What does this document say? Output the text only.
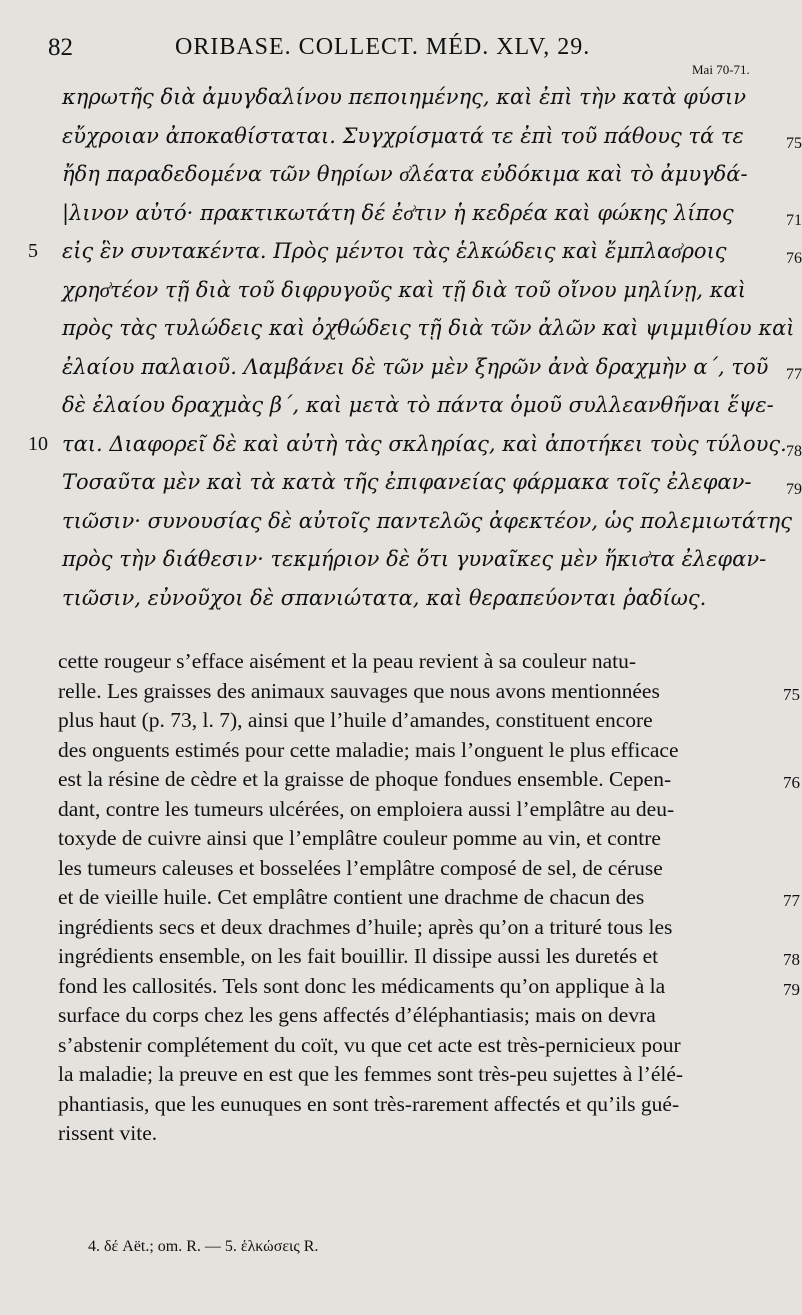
82	ORIBASE. COLLECT. MÉD. XLV, 29.
Mai 70-71.
κηρωτῆς διὰ ἀμυγδαλίνου πεποιημένης, καὶ ἐπὶ τὴν κατὰ φύσιν
εὔχροιαν ἀποκαθίσταται. Συγχρίσματά τε ἐπὶ τοῦ πάθους τά τε	75
ἤδη παραδεδομένα τῶν θηρίων σ͗λέατα εὐδόκιμα καὶ τὸ ἀμυγδά-
|λινον αὐτό· πρακτικωτάτη δέ ἐσ͗τιν ἡ κεδρέα καὶ φώκης λίπος	71
5 εἰς ἓν συντακέντα. Πρὸς μέντοι τὰς ἑλκώδεις καὶ ἔμπλασ͗ρoις	76
χρησ͗τέον τῇ διὰ τοῦ διφρυγοῦς καὶ τῇ διὰ τοῦ οἴνου μηλίνῃ, καὶ
πρὸς τὰς τυλώδεις καὶ ὀχθώδεις τῇ διὰ τῶν ἀλῶν καὶ ψιμμιθίου καὶ
ἐλαίου παλαιοῦ. Λαμβάνει δὲ τῶν μὲν ξηρῶν ἀνὰ δραχμὴν α΄, τοῦ 77
δὲ ἐλαίου δραχμὰς β΄, καὶ μετὰ τὸ πάντα ὁμοῦ συλλεανθῆναι ἕψε-
10 ται. Διαφορεῖ δὲ καὶ αὐτὴ τὰς σκληρίας, καὶ ἀποτήκει τοὺς τύλους. 78
Τοσαῦτα μὲν καὶ τὰ κατὰ τῆς ἐπιφανείας φάρμακα τοῖς ἐλεφαν- 79
τιῶσιν· συνουσίας δὲ αὐτοῖς παντελῶς ἀφεκτέον, ὡς πολεμιωτάτης
πρὸς τὴν διάθεσιν· τεκμήριον δὲ ὅτι γυναῖκες μὲν ἥκισ͗τα ἐλεφαν-
τιῶσιν, εὐνοῦχοι δὲ σπανιώτατα, καὶ θεραπεύονται ῥαδίως.
cette rougeur s’efface aisément et la peau revient à sa couleur natu-
relle. Les graisses des animaux sauvages que nous avons mentionnées	75
plus haut (p. 73, l. 7), ainsi que l’huile d’amandes, constituent encore
des onguents estimés pour cette maladie; mais l’onguent le plus efficace
est la résine de cèdre et la graisse de phoque fondues ensemble. Cepen-	76
dant, contre les tumeurs ulcérées, on emploiera aussi l’emplâtre au deu-
toxyde de cuivre ainsi que l’emplâtre couleur pomme au vin, et contre
les tumeurs caleuses et bosselées l’emplâtre composé de sel, de céruse
et de vieille huile. Cet emplâtre contient une drachme de chacun des	77
ingrédients secs et deux drachmes d’huile; après qu’on a trituré tous les
ingrédients ensemble, on les fait bouillir. Il dissipe aussi les duretés et	78
fond les callosités. Tels sont donc les médicaments qu’on applique à la	79
surface du corps chez les gens affectés d’éléphantiasis; mais on devra
s’abstenir complétement du coït, vu que cet acte est très-pernicieux pour
la maladie; la preuve en est que les femmes sont très-peu sujettes à l’élé-
phantiasis, que les eunuques en sont très-rarement affectés et qu’ils gué-
rissent vite.
4. δέ Aët.; om. R. — 5. ἑλκώσεις R.
